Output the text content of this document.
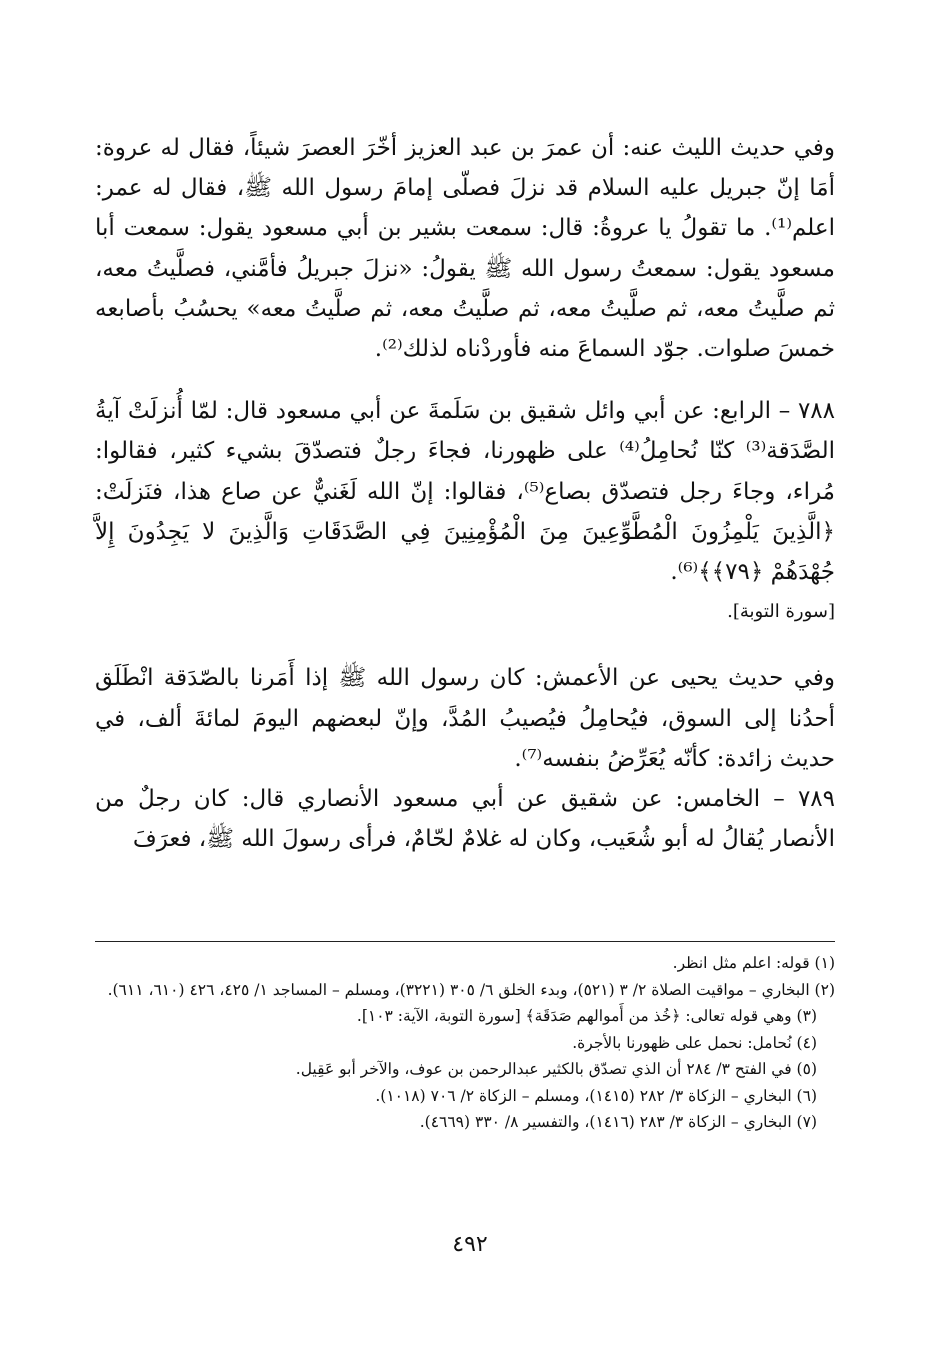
وفي حديث الليث عنه: أن عمرَ بن عبد العزيز أخّرَ العصرَ شيئاً، فقال له عروة: أمَا إنّ جبريل عليه السلام قد نزلَ فصلّى إمامَ رسول الله ﷺ، فقال له عمر: اعلم⁽¹⁾. ما تقولُ يا عروةُ: قال: سمعت بشير بن أبي مسعود يقول: سمعت أبا مسعود يقول: سمعتُ رسول الله ﷺ يقولُ: «نزلَ جبريلُ فأمَّني، فصلَّيتُ معه، ثم صلَّيتُ معه، ثم صلَّيتُ معه، ثم صلَّيتُ معه، ثم صلَّيتُ معه» يحسُبُ بأصابعه خمسَ صلوات. جوّد السماعَ منه فأوردْناه لذلك⁽²⁾.

٧٨٨ – الرابع: عن أبي وائل شقيق بن سَلَمةَ عن أبي مسعود قال: لمّا أُنزلَتْ آيةُ الصَّدَقة⁽³⁾ كنّا نُحامِلُ⁽⁴⁾ على ظهورنا، فجاءَ رجلٌ فتصدّقَ بشيء كثير، فقالوا: مُراء، وجاءَ رجل فتصدّق بصاع⁽⁵⁾، فقالوا: إنّ الله لَغَنيٌّ عن صاع هذا، فنَزلَتْ: ﴿الَّذِينَ يَلْمِزُونَ الْمُطَّوِّعِينَ مِنَ الْمُؤْمِنِينَ فِي الصَّدَقَاتِ وَالَّذِينَ لا يَجِدُونَ إِلاَّ جُهْدَهُمْ ﴿٧٩﴾﴾⁽⁶⁾.

[سورة التوبة].

وفي حديث يحيى عن الأعمش: كان رسول الله ﷺ إذا أَمَرنا بالصّدَقة انْطَلَق أحدُنا إلى السوق، فيُحامِلُ فيُصيبُ المُدَّ، وإنّ لبعضهم اليومَ لمائةَ ألف، في حديث زائدة: كأنّه يُعَرِّضُ بنفسه⁽⁷⁾.

٧٨٩ – الخامس: عن شقيق عن أبي مسعود الأنصاري قال: كان رجلٌ من الأنصار يُقالُ له أبو شُعَيب، وكان له غلامٌ لحّامٌ، فرأى رسولَ الله ﷺ، فعرَفَ

(١) قوله: اعلم مثل انظر.

(٢) البخاري – مواقيت الصلاة ٢/ ٣ (٥٢١)، وبدء الخلق ٦/ ٣٠٥ (٣٢٢١)، ومسلم – المساجد ١/ ٤٢٥، ٤٢٦ (٦١٠، ٦١١).

(٣) وهي قوله تعالى: ﴿خُذ من أَموالهم صَدَقَة﴾ [سورة التوبة، الآية: ١٠٣].

(٤) نُحامل: نحمل على ظهورنا بالأجرة.

(٥) في الفتح ٣/ ٢٨٤ أن الذي تصدّق بالكثير عبدالرحمن بن عوف، والآخر أبو عَقِيل.

(٦) البخاري – الزكاة ٣/ ٢٨٢ (١٤١٥)، ومسلم – الزكاة ٢/ ٧٠٦ (١٠١٨).

(٧) البخاري – الزكاة ٣/ ٢٨٣ (١٤١٦)، والتفسير ٨/ ٣٣٠ (٤٦٦٩).

٤٩٢
